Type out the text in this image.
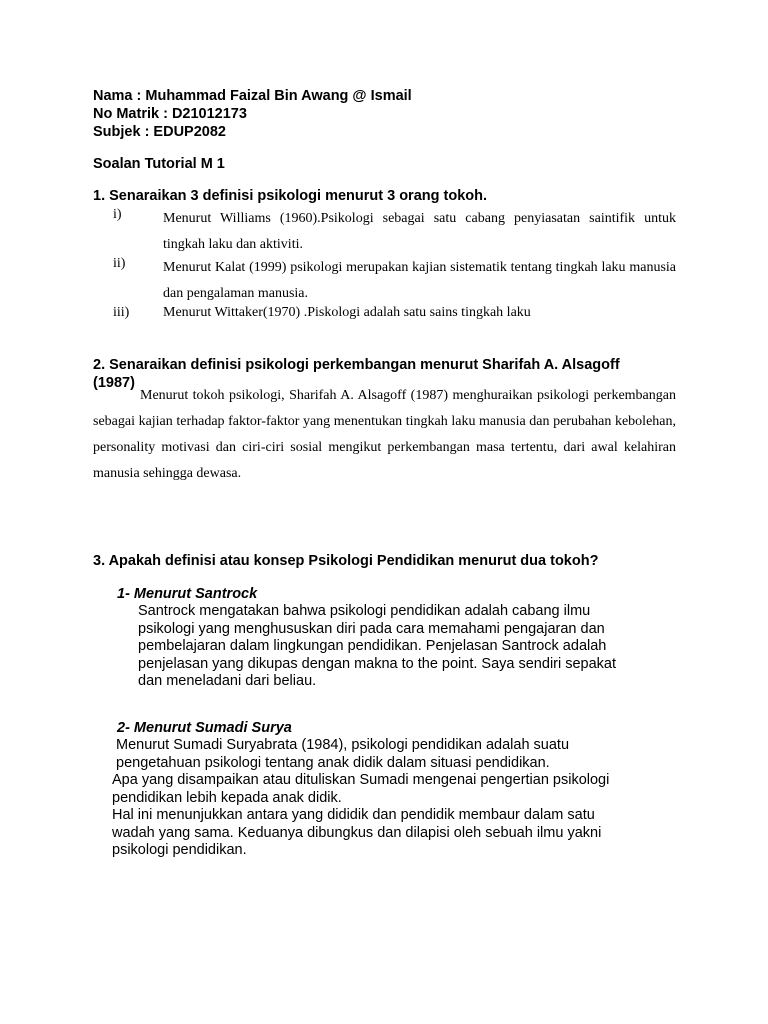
Nama : Muhammad Faizal Bin Awang @ Ismail
No Matrik : D21012173
Subjek : EDUP2082
Soalan Tutorial M 1
1. Senaraikan 3 definisi psikologi menurut 3 orang tokoh.
i)	Menurut Williams (1960).Psikologi sebagai satu cabang penyiasatan saintifik untuk tingkah laku dan aktiviti.
ii)	Menurut Kalat (1999) psikologi merupakan kajian sistematik tentang tingkah laku manusia dan pengalaman manusia.
iii)	Menurut Wittaker(1970) .Piskologi adalah satu sains tingkah laku
2. Senaraikan definisi psikologi perkembangan menurut Sharifah A. Alsagoff
(1987)
Menurut tokoh psikologi, Sharifah A. Alsagoff (1987) menghuraikan psikologi perkembangan sebagai kajian terhadap faktor-faktor yang menentukan tingkah laku manusia dan perubahan kebolehan, personality motivasi dan ciri-ciri sosial mengikut perkembangan masa tertentu, dari awal kelahiran manusia sehingga dewasa.
3. Apakah definisi atau konsep Psikologi Pendidikan menurut dua tokoh?
1- Menurut Santrock
Santrock mengatakan bahwa psikologi pendidikan adalah cabang ilmu
psikologi yang menghususkan diri pada cara memahami pengajaran dan
pembelajaran dalam lingkungan pendidikan. Penjelasan Santrock adalah
penjelasan yang dikupas dengan makna to the point. Saya sendiri sepakat
dan meneladani dari beliau.
2- Menurut Sumadi Surya
Menurut Sumadi Suryabrata (1984), psikologi pendidikan adalah suatu
pengetahuan psikologi tentang anak didik dalam situasi pendidikan.
Apa yang disampaikan atau dituliskan Sumadi mengenai pengertian psikologi
pendidikan lebih kepada anak didik.
Hal ini menunjukkan antara yang dididik dan pendidik membaur dalam satu
wadah yang sama. Keduanya dibungkus dan dilapisi oleh sebuah ilmu yakni
psikologi pendidikan.
